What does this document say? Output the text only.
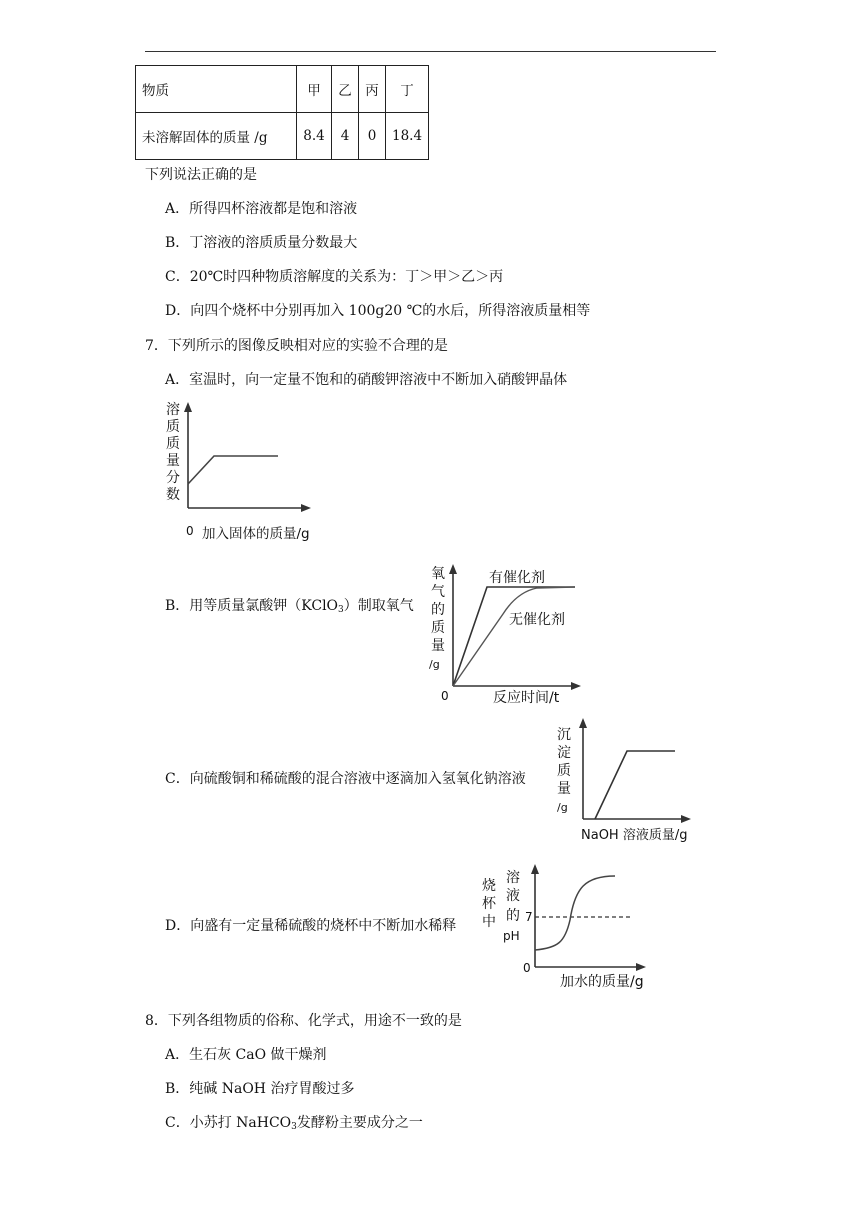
物质	甲	乙	丙	丁
未溶解固体的质量 /g	8.4	4	0	18.4
下列说法正确的是
A．所得四杯溶液都是饱和溶液
B．丁溶液的溶质质量分数最大
C．20℃时四种物质溶解度的关系为：丁＞甲＞乙＞丙
D．向四个烧杯中分别再加入 100g20 ℃的水后，所得溶液质量相等
7．下列所示的图像反映相对应的实验不合理的是
A．室温时，向一定量不饱和的硝酸钾溶液中不断加入硝酸钾晶体
溶
质
质
量
分
数
0 加入固体的质量/g
B．用等质量氯酸钾（KClO$_3$）制取氧气
氧
气
的
质
量
/g
有催化剂
无催化剂
0	反应时间/t
C．向硫酸铜和稀硫酸的混合溶液中逐滴加入氢氧化钠溶液
沉
淀
质
量
/g
NaOH 溶液质量/g
D．向盛有一定量稀硫酸的烧杯中不断加水稀释
烧
杯
中
溶
液
的
pH
7
0
加水的质量/g
8．下列各组物质的俗称、化学式，用途不一致的是
A．生石灰 CaO 做干燥剂
B．纯碱 NaOH 治疗胃酸过多
C．小苏打 NaHCO$_3$发酵粉主要成分之一
